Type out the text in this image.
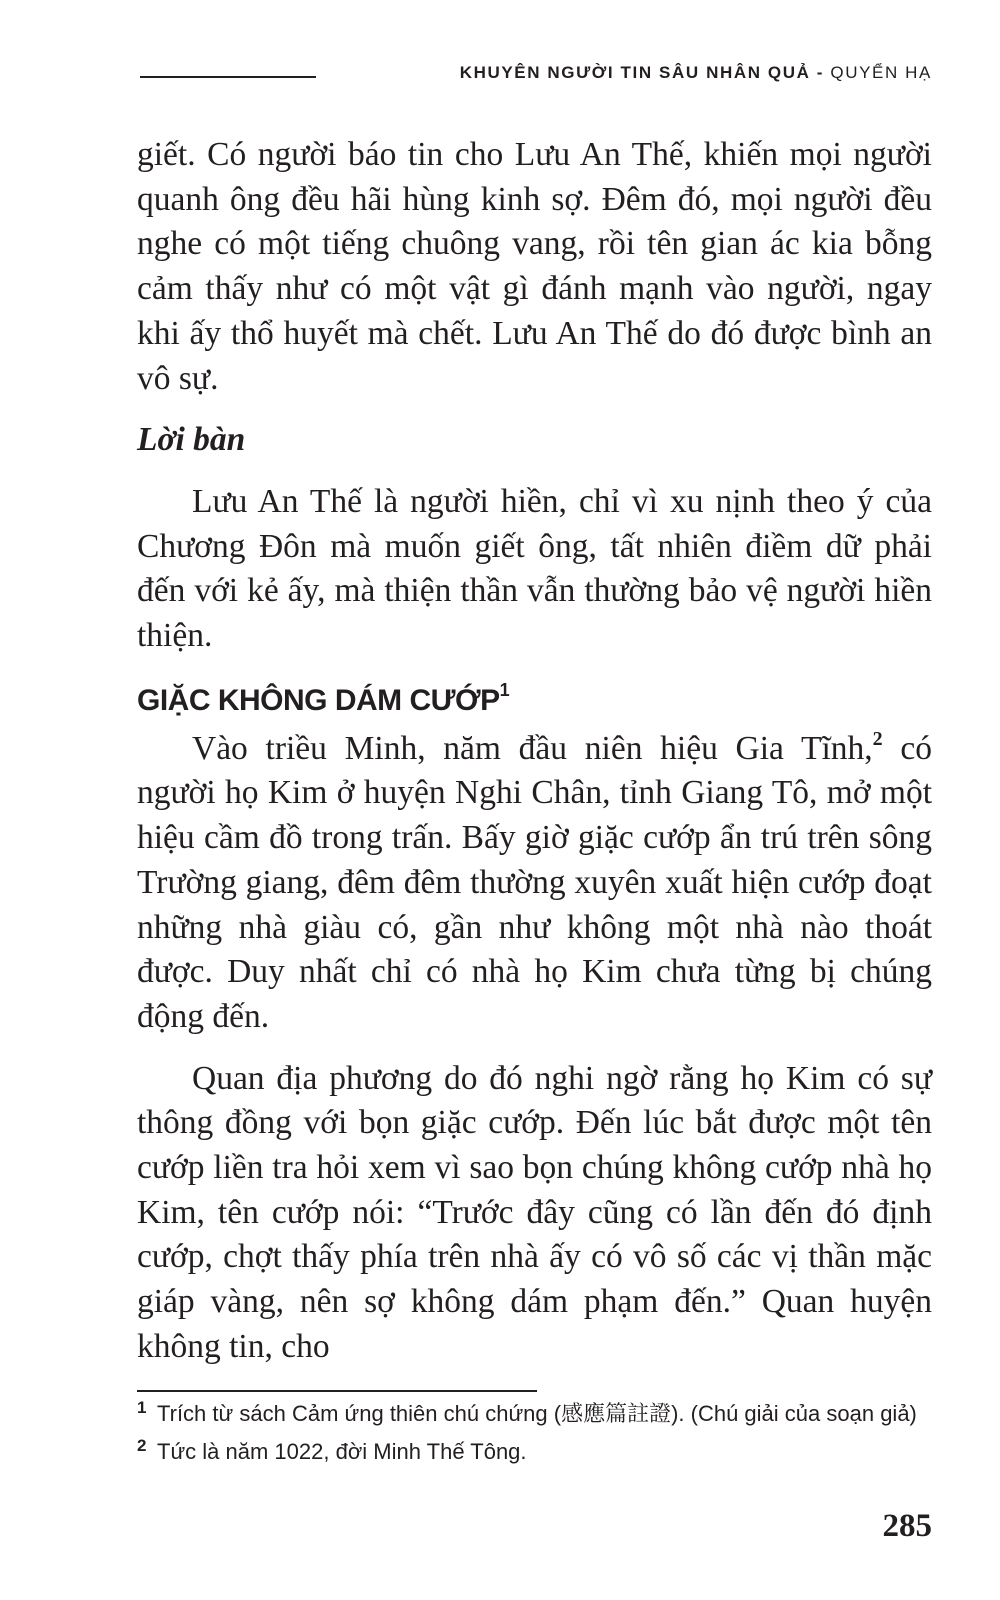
KHUYÊN NGƯỜI TIN SÂU NHÂN QUẢ - QUYỂN HẠ

giết. Có người báo tin cho Lưu An Thế, khiến mọi người quanh ông đều hãi hùng kinh sợ. Đêm đó, mọi người đều nghe có một tiếng chuông vang, rồi tên gian ác kia bỗng cảm thấy như có một vật gì đánh mạnh vào người, ngay khi ấy thổ huyết mà chết. Lưu An Thế do đó được bình an vô sự.

Lời bàn

Lưu An Thế là người hiền, chỉ vì xu nịnh theo ý của Chương Đôn mà muốn giết ông, tất nhiên điềm dữ phải đến với kẻ ấy, mà thiện thần vẫn thường bảo vệ người hiền thiện.

GIẶC KHÔNG DÁM CƯỚP$^1$

Vào triều Minh, năm đầu niên hiệu Gia Tĩnh,$^2$ có người họ Kim ở huyện Nghi Chân, tỉnh Giang Tô, mở một hiệu cầm đồ trong trấn. Bấy giờ giặc cướp ẩn trú trên sông Trường giang, đêm đêm thường xuyên xuất hiện cướp đoạt những nhà giàu có, gần như không một nhà nào thoát được. Duy nhất chỉ có nhà họ Kim chưa từng bị chúng động đến.

Quan địa phương do đó nghi ngờ rằng họ Kim có sự thông đồng với bọn giặc cướp. Đến lúc bắt được một tên cướp liền tra hỏi xem vì sao bọn chúng không cướp nhà họ Kim, tên cướp nói: “Trước đây cũng có lần đến đó định cướp, chợt thấy phía trên nhà ấy có vô số các vị thần mặc giáp vàng, nên sợ không dám phạm đến.” Quan huyện không tin, cho

1 Trích từ sách Cảm ứng thiên chú chứng (感應篇註證). (Chú giải của soạn giả)
2 Tức là năm 1022, đời Minh Thế Tông.
285
